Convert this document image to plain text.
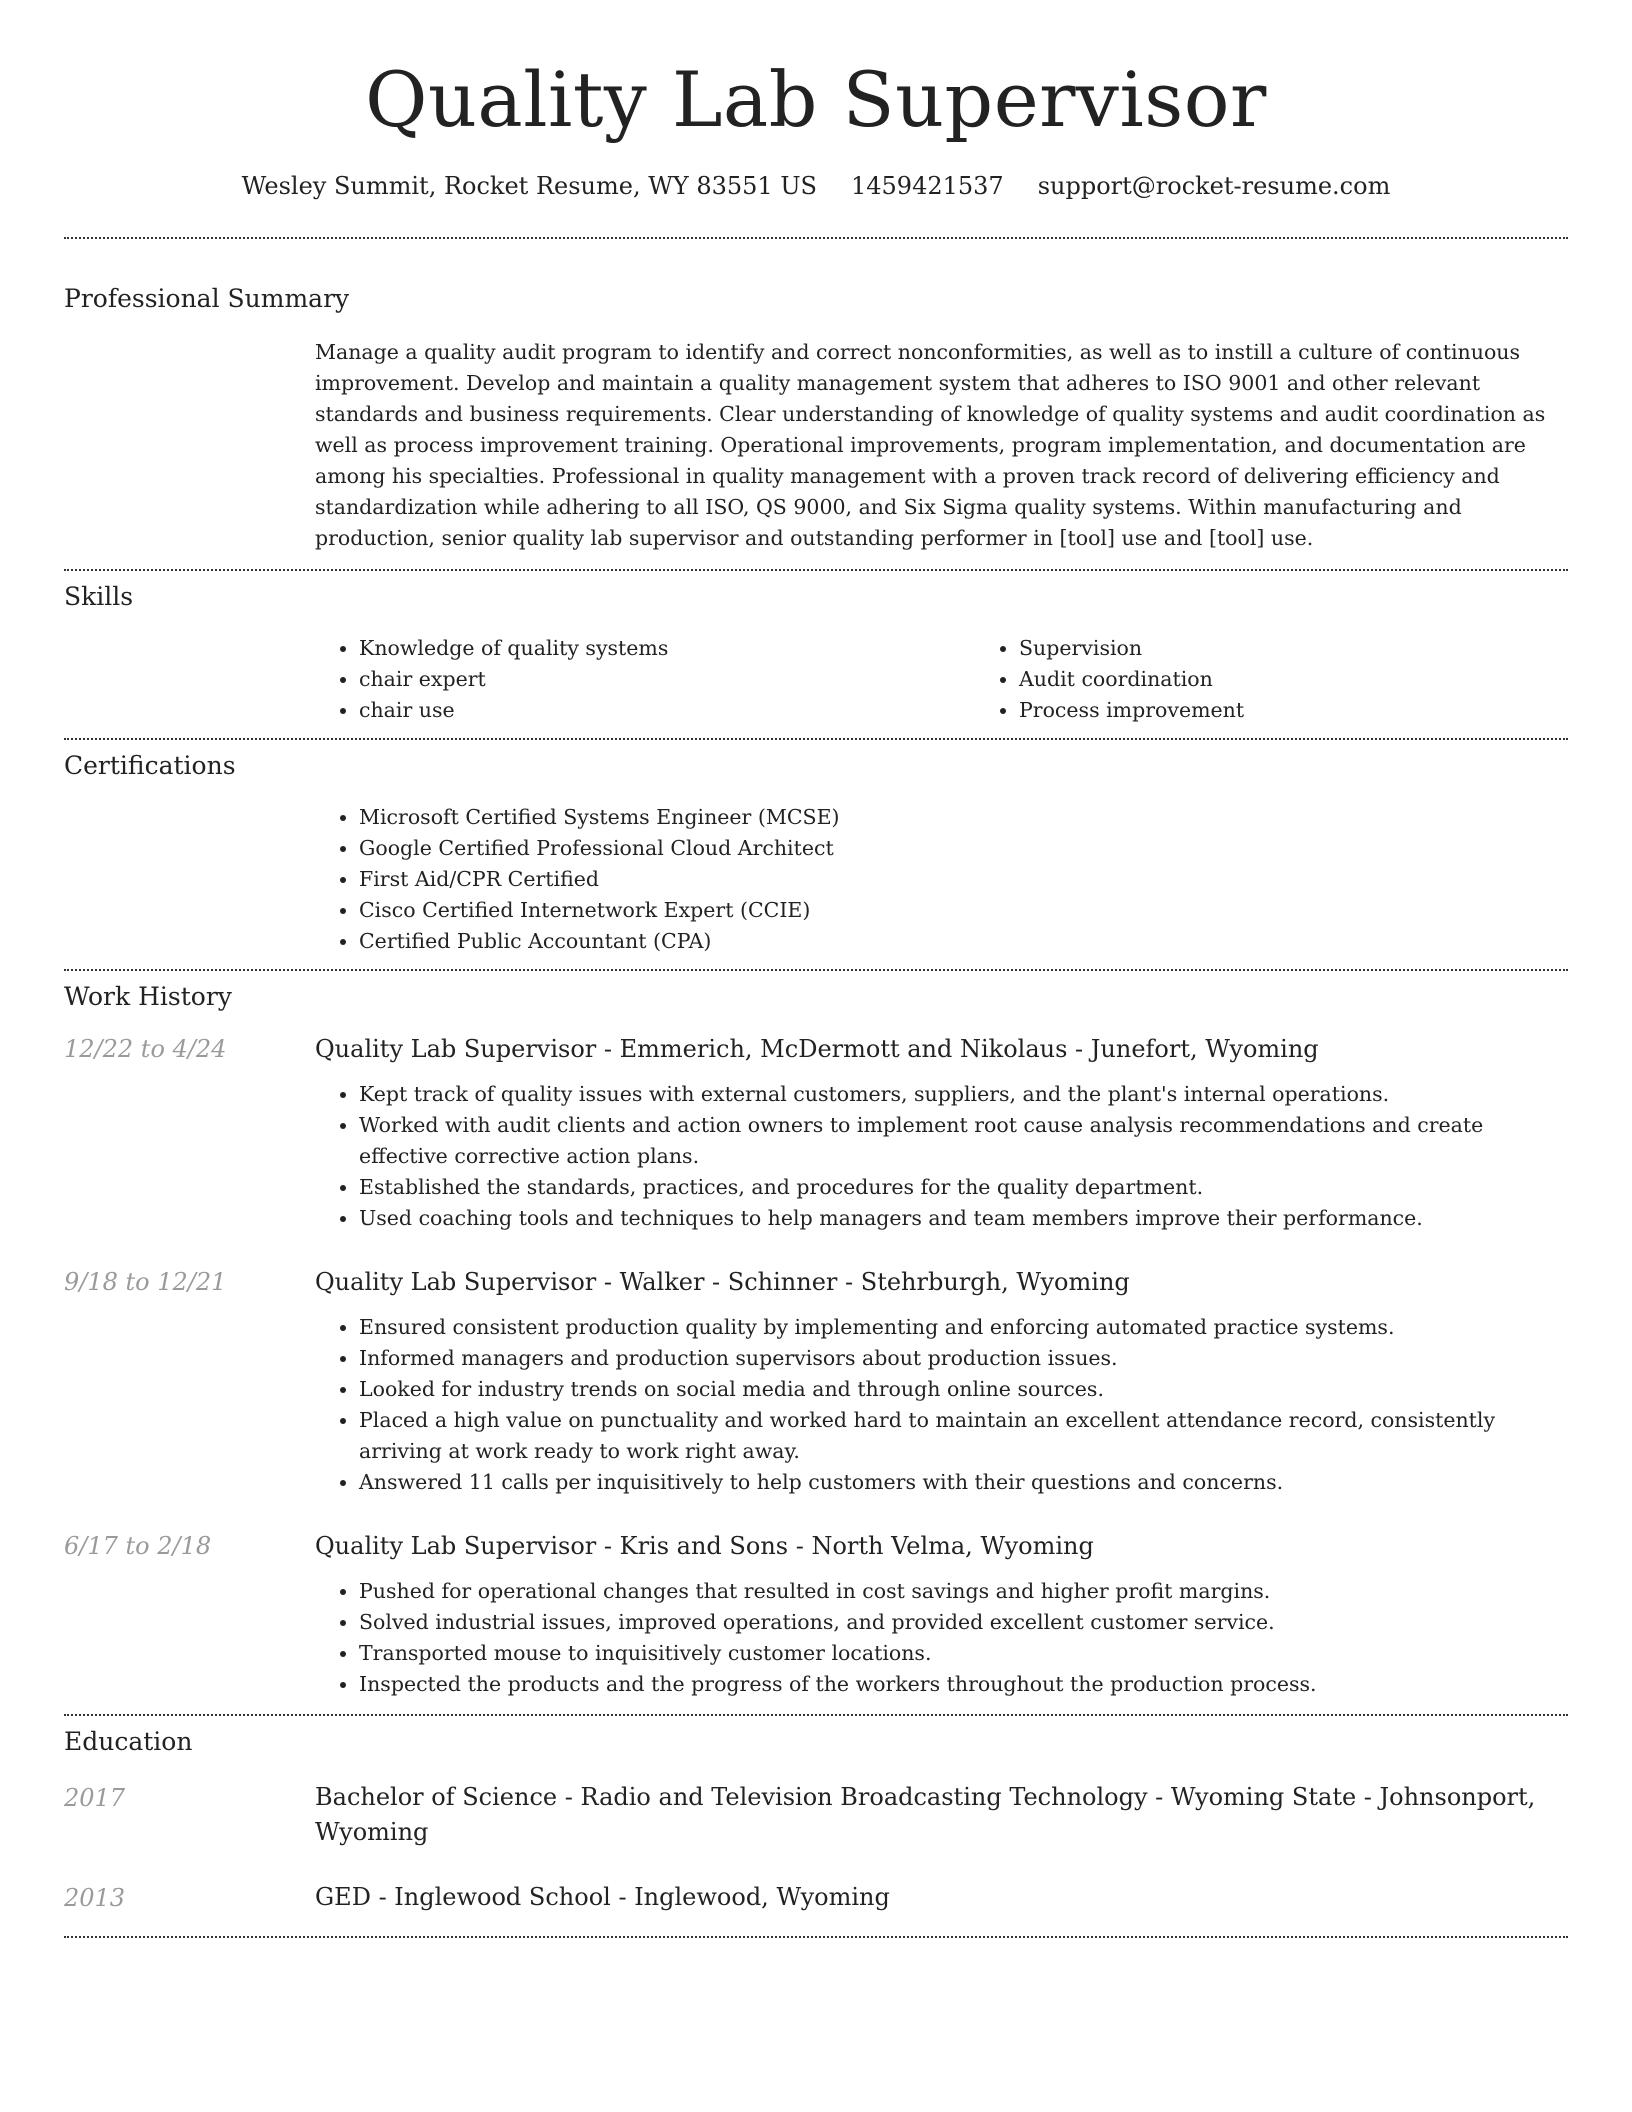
Quality Lab Supervisor
Wesley Summit, Rocket Resume, WY 83551 US 1459421537 support@rocket-resume.com
Professional Summary
Manage a quality audit program to identify and correct nonconformities, as well as to instill a culture of continuous improvement. Develop and maintain a quality management system that adheres to ISO 9001 and other relevant standards and business requirements. Clear understanding of knowledge of quality systems and audit coordination as well as process improvement training. Operational improvements, program implementation, and documentation are among his specialties. Professional in quality management with a proven track record of delivering efficiency and standardization while adhering to all ISO, QS 9000, and Six Sigma quality systems. Within manufacturing and production, senior quality lab supervisor and outstanding performer in [tool] use and [tool] use.
Skills
• Knowledge of quality systems
• chair expert
• chair use
• Supervision
• Audit coordination
• Process improvement
Certifications
• Microsoft Certified Systems Engineer (MCSE)
• Google Certified Professional Cloud Architect
• First Aid/CPR Certified
• Cisco Certified Internetwork Expert (CCIE)
• Certified Public Accountant (CPA)
Work History
12/22 to 4/24	Quality Lab Supervisor - Emmerich, McDermott and Nikolaus - Junefort, Wyoming
• Kept track of quality issues with external customers, suppliers, and the plant's internal operations.
• Worked with audit clients and action owners to implement root cause analysis recommendations and create effective corrective action plans.
• Established the standards, practices, and procedures for the quality department.
• Used coaching tools and techniques to help managers and team members improve their performance.
9/18 to 12/21	Quality Lab Supervisor - Walker - Schinner - Stehrburgh, Wyoming
• Ensured consistent production quality by implementing and enforcing automated practice systems.
• Informed managers and production supervisors about production issues.
• Looked for industry trends on social media and through online sources.
• Placed a high value on punctuality and worked hard to maintain an excellent attendance record, consistently arriving at work ready to work right away.
• Answered 11 calls per inquisitively to help customers with their questions and concerns.
6/17 to 2/18	Quality Lab Supervisor - Kris and Sons - North Velma, Wyoming
• Pushed for operational changes that resulted in cost savings and higher profit margins.
• Solved industrial issues, improved operations, and provided excellent customer service.
• Transported mouse to inquisitively customer locations.
• Inspected the products and the progress of the workers throughout the production process.
Education
2017	Bachelor of Science - Radio and Television Broadcasting Technology - Wyoming State - Johnsonport, Wyoming
2013	GED - Inglewood School - Inglewood, Wyoming
